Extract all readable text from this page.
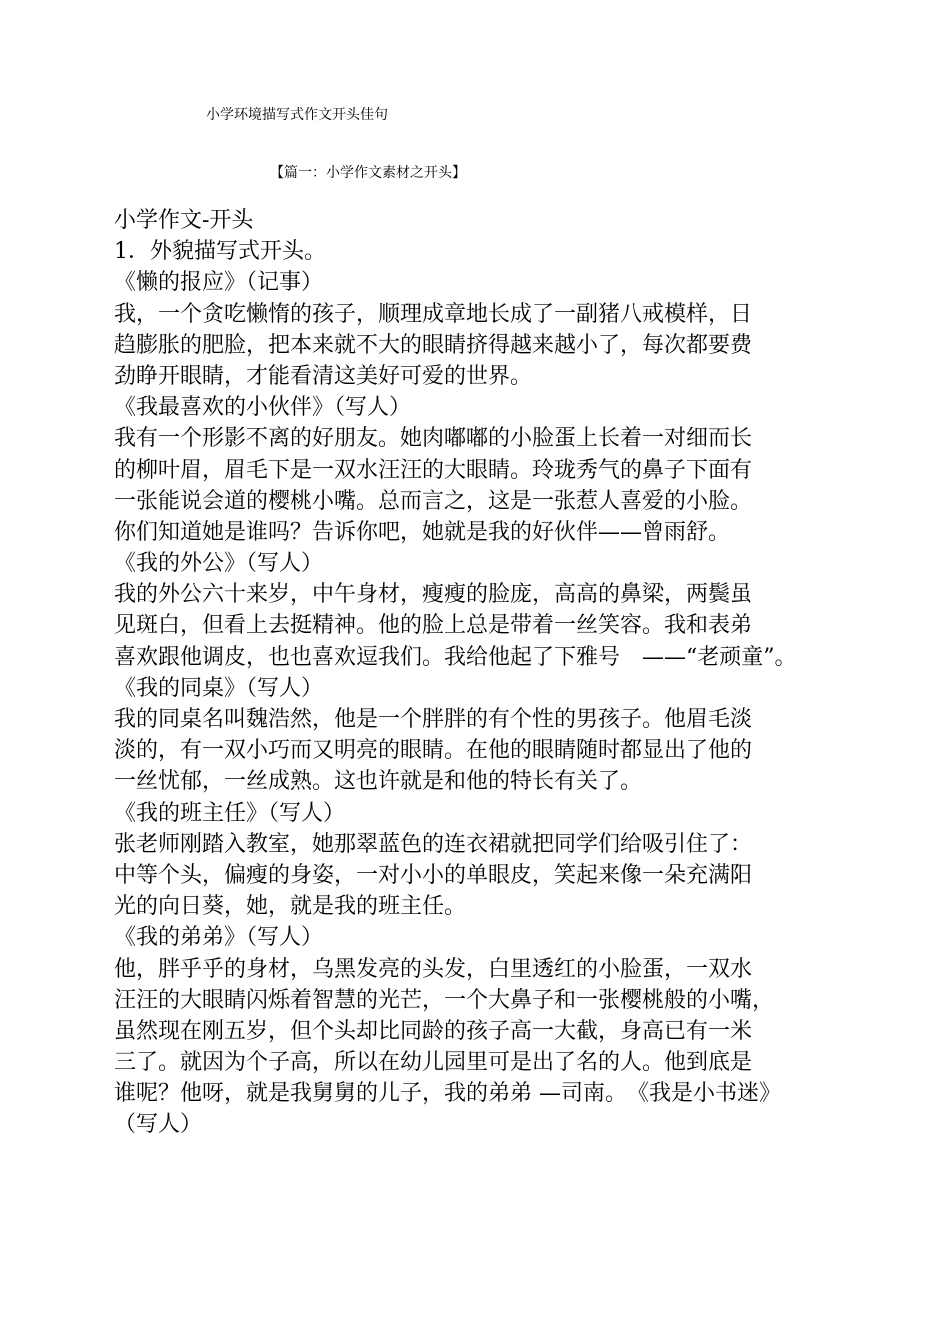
小学环境描写式作文开头佳句
【篇一：小学作文素材之开头】
小学作文-开头
1．外貌描写式开头。
《懒的报应》（记事）
我，一个贪吃懒惰的孩子，顺理成章地长成了一副猪八戒模样，日
趋膨胀的肥脸，把本来就不大的眼睛挤得越来越小了，每次都要费
劲睁开眼睛，才能看清这美好可爱的世界。
《我最喜欢的小伙伴》（写人）
我有一个形影不离的好朋友。她肉嘟嘟的小脸蛋上长着一对细而长
的柳叶眉，眉毛下是一双水汪汪的大眼睛。玲珑秀气的鼻子下面有
一张能说会道的樱桃小嘴。总而言之，这是一张惹人喜爱的小脸。
你们知道她是谁吗？告诉你吧，她就是我的好伙伴——曾雨舒。
《我的外公》（写人）
我的外公六十来岁，中午身材，瘦瘦的脸庞，高高的鼻梁，两鬓虽
见斑白，但看上去挺精神。他的脸上总是带着一丝笑容。我和表弟
喜欢跟他调皮，也也喜欢逗我们。我给他起了下雅号　——“老顽童”。
《我的同桌》（写人）
我的同桌名叫魏浩然，他是一个胖胖的有个性的男孩子。他眉毛淡
淡的，有一双小巧而又明亮的眼睛。在他的眼睛随时都显出了他的
一丝忧郁，一丝成熟。这也许就是和他的特长有关了。
《我的班主任》（写人）
张老师刚踏入教室，她那翠蓝色的连衣裙就把同学们给吸引住了：
中等个头，偏瘦的身姿，一对小小的单眼皮，笑起来像一朵充满阳
光的向日葵，她，就是我的班主任。
《我的弟弟》（写人）
他，胖乎乎的身材，乌黑发亮的头发，白里透红的小脸蛋，一双水
汪汪的大眼睛闪烁着智慧的光芒，一个大鼻子和一张樱桃般的小嘴，
虽然现在刚五岁，但个头却比同龄的孩子高一大截，身高已有一米
三了。就因为个子高，所以在幼儿园里可是出了名的人。他到底是
谁呢？他呀，就是我舅舅的儿子，我的弟弟 —司南。　《我是小书迷》
（写人）
